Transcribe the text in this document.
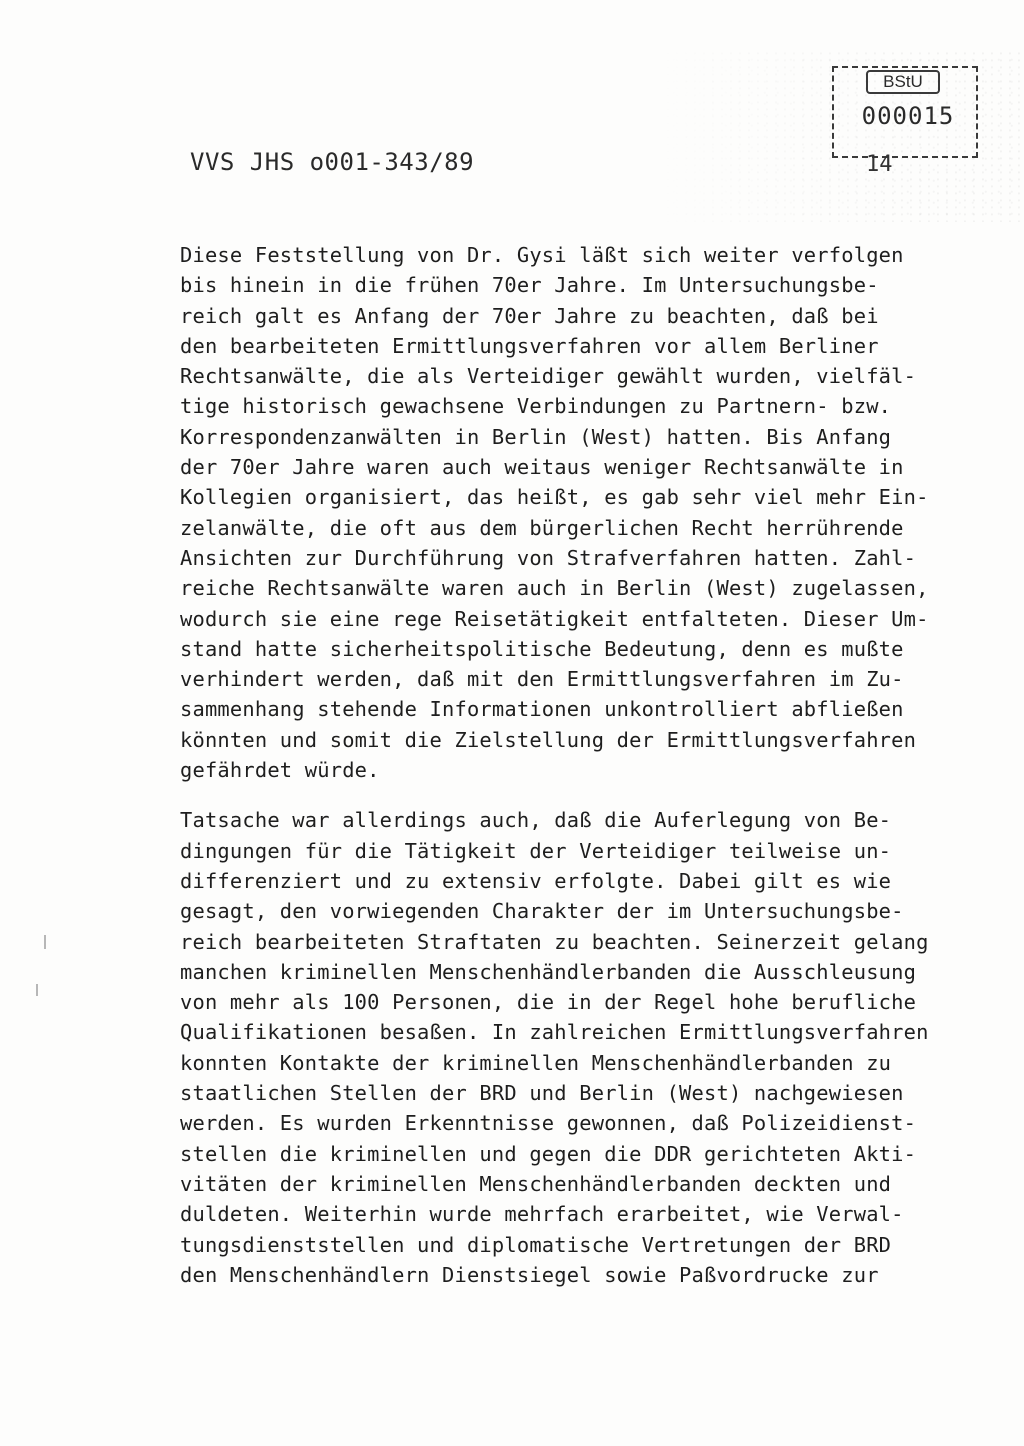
BStU
000015
14
VVS JHS o001-343/89
Diese Feststellung von Dr. Gysi läßt sich weiter verfolgen
bis hinein in die frühen 70er Jahre. Im Untersuchungsbe-
reich galt es Anfang der 70er Jahre zu beachten, daß bei
den bearbeiteten Ermittlungsverfahren vor allem Berliner
Rechtsanwälte, die als Verteidiger gewählt wurden, vielfäl-
tige historisch gewachsene Verbindungen zu Partnern- bzw.
Korrespondenzanwälten in Berlin (West) hatten. Bis Anfang
der 70er Jahre waren auch weitaus weniger Rechtsanwälte in
Kollegien organisiert, das heißt, es gab sehr viel mehr Ein-
zelanwälte, die oft aus dem bürgerlichen Recht herrührende
Ansichten zur Durchführung von Strafverfahren hatten. Zahl-
reiche Rechtsanwälte waren auch in Berlin (West) zugelassen,
wodurch sie eine rege Reisetätigkeit entfalteten. Dieser Um-
stand hatte sicherheitspolitische Bedeutung, denn es mußte
verhindert werden, daß mit den Ermittlungsverfahren im Zu-
sammenhang stehende Informationen unkontrolliert abfließen
könnten und somit die Zielstellung der Ermittlungsverfahren
gefährdet würde.
Tatsache war allerdings auch, daß die Auferlegung von Be-
dingungen für die Tätigkeit der Verteidiger teilweise un-
differenziert und zu extensiv erfolgte. Dabei gilt es wie
gesagt, den vorwiegenden Charakter der im Untersuchungsbe-
reich bearbeiteten Straftaten zu beachten. Seinerzeit gelang
manchen kriminellen Menschenhändlerbanden die Ausschleusung
von mehr als 100 Personen, die in der Regel hohe berufliche
Qualifikationen besaßen. In zahlreichen Ermittlungsverfahren
konnten Kontakte der kriminellen Menschenhändlerbanden zu
staatlichen Stellen der BRD und Berlin (West) nachgewiesen
werden. Es wurden Erkenntnisse gewonnen, daß Polizeidienst-
stellen die kriminellen und gegen die DDR gerichteten Akti-
vitäten der kriminellen Menschenhändlerbanden deckten und
duldeten. Weiterhin wurde mehrfach erarbeitet, wie Verwal-
tungsdienststellen und diplomatische Vertretungen der BRD
den Menschenhändlern Dienstsiegel sowie Paßvordrucke zur
